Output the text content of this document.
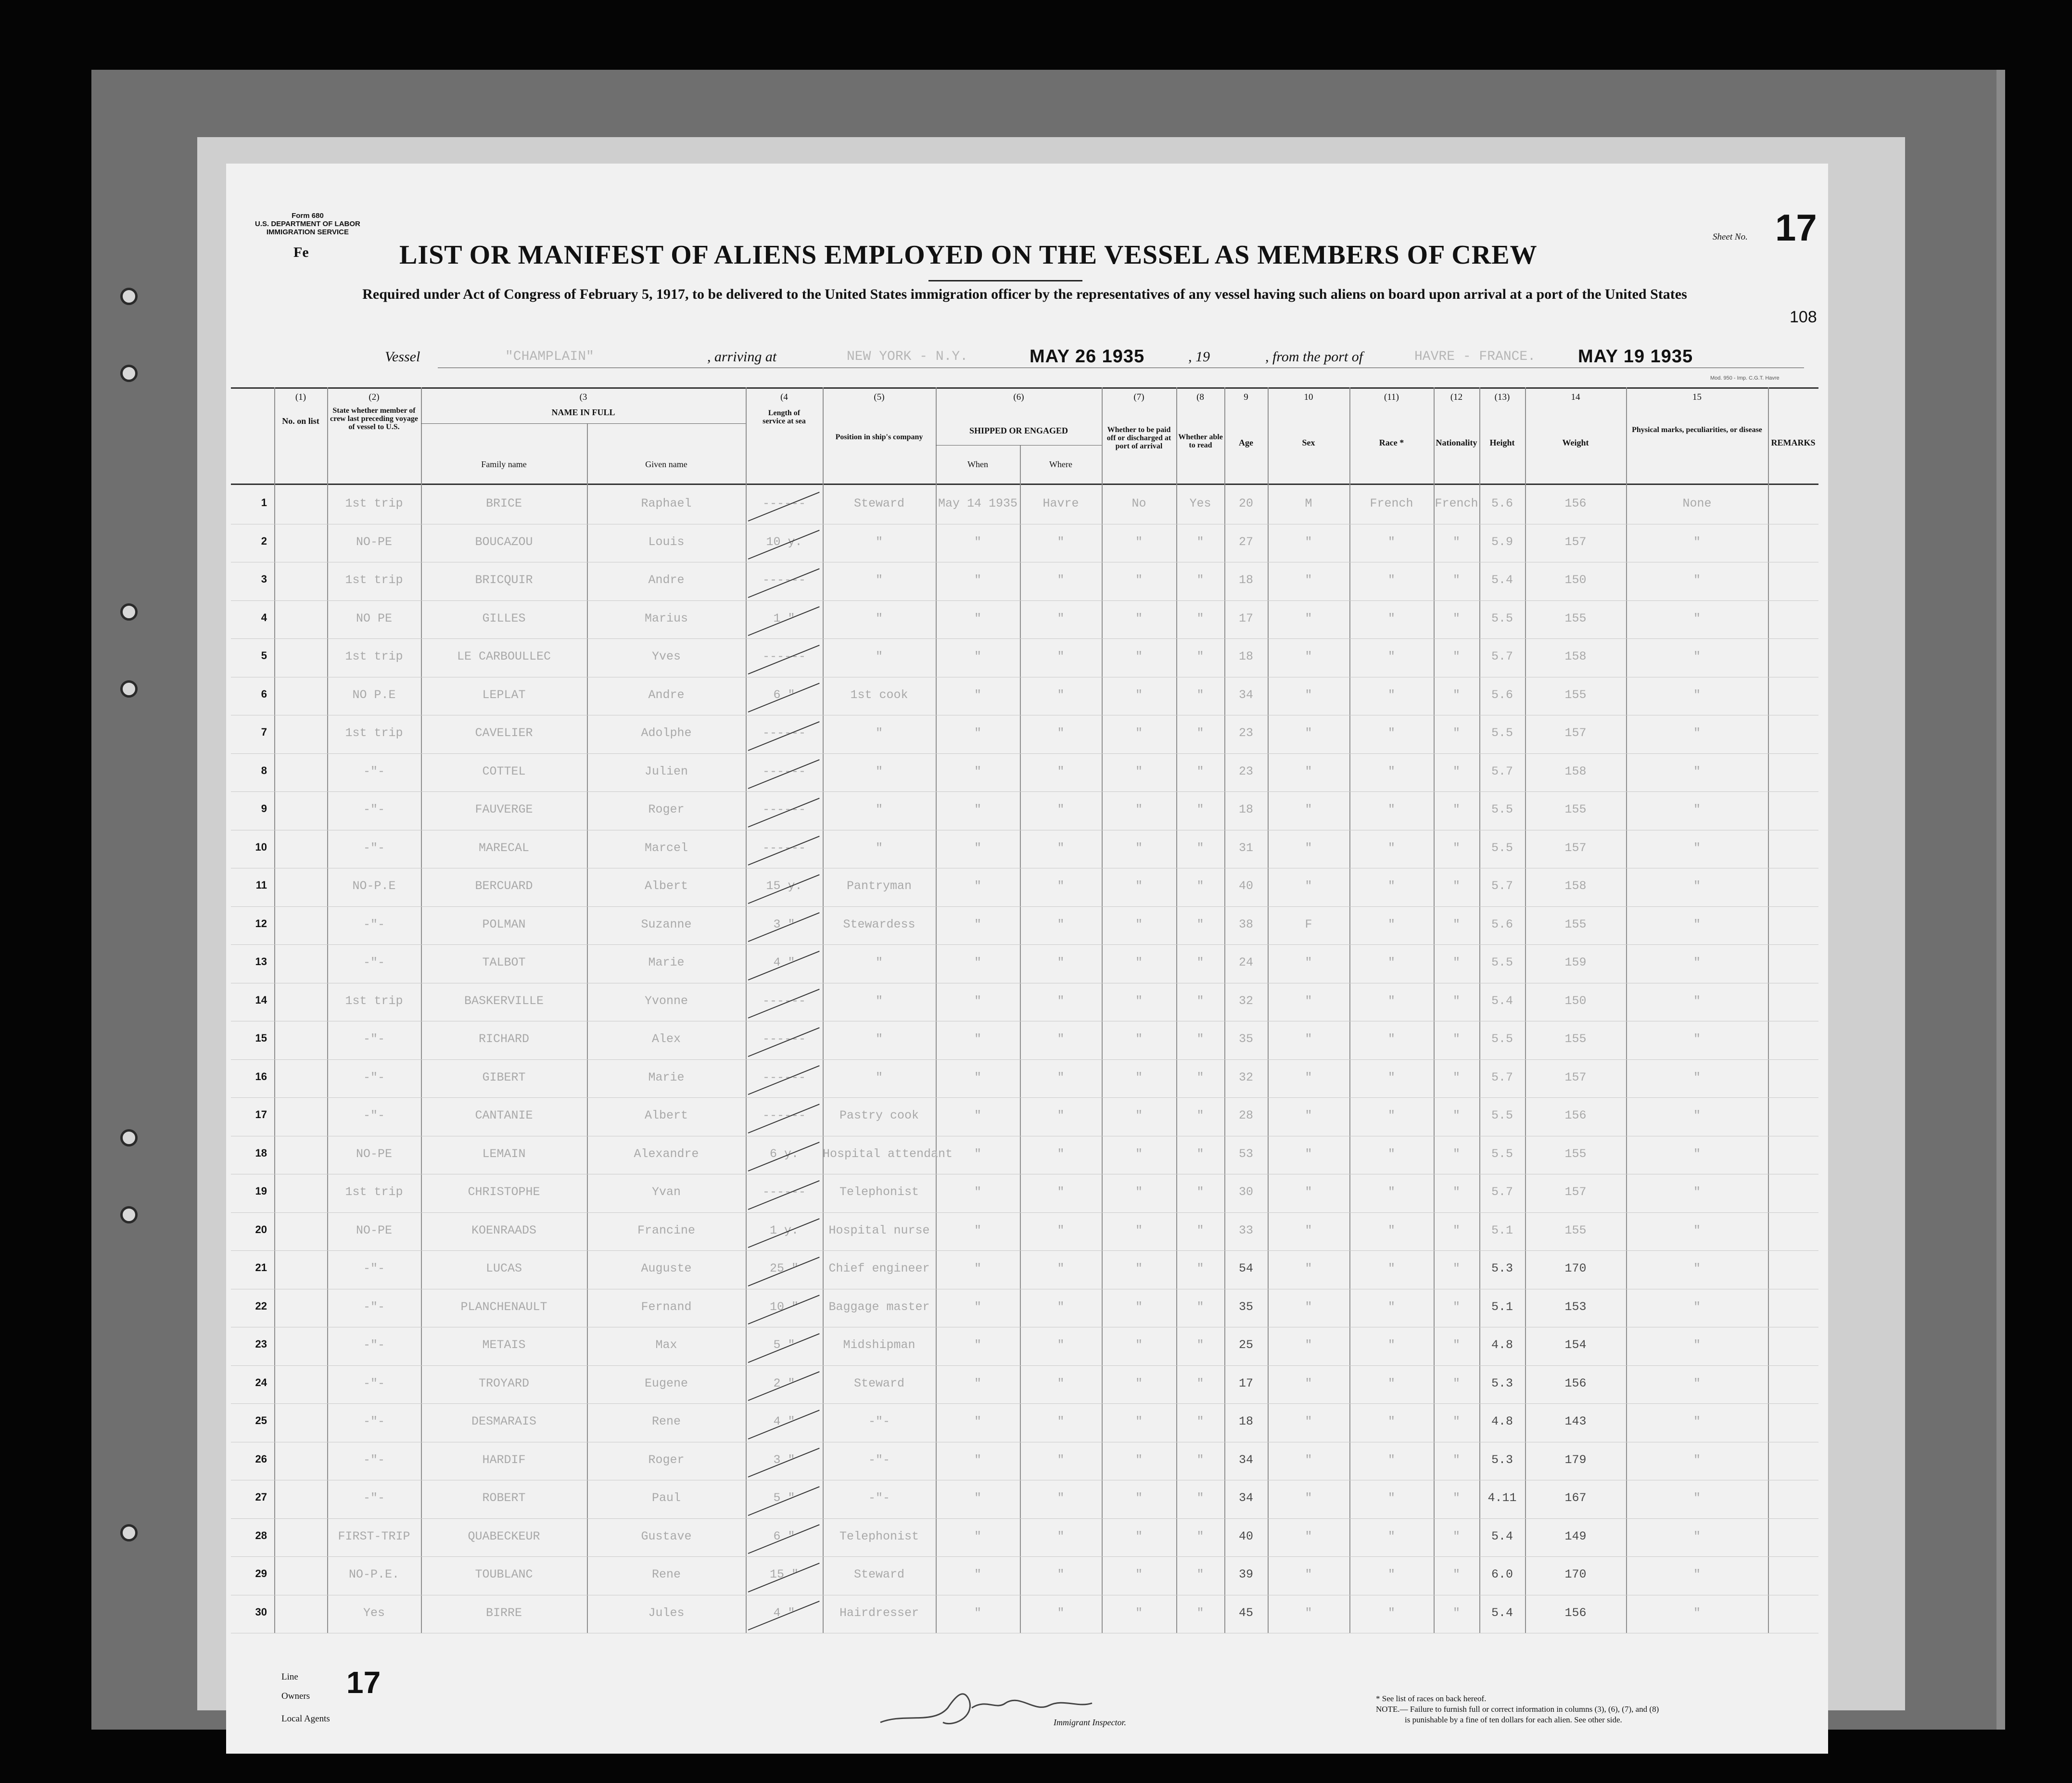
Form 680
U.S. DEPARTMENT OF LABOR
IMMIGRATION SERVICE
Fe
Sheet No. 17
LIST OR MANIFEST OF ALIENS EMPLOYED ON THE VESSEL AS MEMBERS OF CREW
Required under Act of Congress of February 5, 1917, to be delivered to the United States immigration officer by the representatives of any vessel having such aliens on board upon arrival at a port of the United States
108
Vessel	"CHAMPLAIN"	, arriving at	NEW YORK - N.Y.	MAY 26 1935	, 19	, from the port of	HAVRE - FRANCE. MAY 19 1935
Mod. 950 - Imp. C.G.T. Havre
(1)	(2)	(3	(4	(5)	(6)	(7)	(8	9	10	(11)	(12	(13)	14	15
No. on list
State whether member of crew last preceding voyage of vessel to U.S.
NAME IN FULL
Family name	Given name
Length of service at sea
Position in ship's company
SHIPPED OR ENGAGED
When	Where
Whether to be paid off or discharged at port of arrival
Whether able to read	Age	Sex	Race *	Nationality	Height	Weight
Physical marks, peculiarities, or disease
REMARKS
1	1st trip	BRICE	Raphael	------	Steward	May 14 1935	Havre	No	Yes	20	M	French	French	5.6	156	None
2	NO-PE	BOUCAZOU	Louis	10 y.	"	"	"	"	"	27	"	"	"	5.9	157	"
3	1st trip	BRICQUIR	Andre	------	"	"	"	"	"	18	"	"	"	5.4	150	"
4	NO PE	GILLES	Marius	1 "	"	"	"	"	"	17	"	"	"	5.5	155	"
5	1st trip	LE CARBOULLEC	Yves	------	"	"	"	"	"	18	"	"	"	5.7	158	"
6	NO P.E	LEPLAT	Andre	6 "	1st cook	"	"	"	"	34	"	"	"	5.6	155	"
7	1st trip	CAVELIER	Adolphe	------	"	"	"	"	"	23	"	"	"	5.5	157	"
8	-"-	COTTEL	Julien	------	"	"	"	"	"	23	"	"	"	5.7	158	"
9	-"-	FAUVERGE	Roger	------	"	"	"	"	"	18	"	"	"	5.5	155	"
10	-"-	MARECAL	Marcel	------	"	"	"	"	"	31	"	"	"	5.5	157	"
11	NO-P.E	BERCUARD	Albert	15 y.	Pantryman	"	"	"	"	40	"	"	"	5.7	158	"
12	-"-	POLMAN	Suzanne	3 "	Stewardess	"	"	"	"	38	F	"	"	5.6	155	"
13	-"-	TALBOT	Marie	4 "	"	"	"	"	"	24	"	"	"	5.5	159	"
14	1st trip	BASKERVILLE	Yvonne	------	"	"	"	"	"	32	"	"	"	5.4	150	"
15	-"-	RICHARD	Alex	------	"	"	"	"	"	35	"	"	"	5.5	155	"
16	-"-	GIBERT	Marie	------	"	"	"	"	"	32	"	"	"	5.7	157	"
17	-"-	CANTANIE	Albert	------	Pastry cook	"	"	"	"	28	"	"	"	5.5	156	"
18	NO-PE	LEMAIN	Alexandre	6 y.	Hospital attendant	"	"	"	"	53	"	"	"	5.5	155	"
19	1st trip	CHRISTOPHE	Yvan	------	Telephonist	"	"	"	"	30	"	"	"	5.7	157	"
20	NO-PE	KOENRAADS	Francine	1 y.	Hospital nurse	"	"	"	"	33	"	"	"	5.1	155	"
21	-"-	LUCAS	Auguste	25 "	Chief engineer	"	"	"	"	54	"	"	"	5.3	170	"
22	-"-	PLANCHENAULT	Fernand	10 "	Baggage master	"	"	"	"	35	"	"	"	5.1	153	"
23	-"-	METAIS	Max	5 "	Midshipman	"	"	"	"	25	"	"	"	4.8	154	"
24	-"-	TROYARD	Eugene	2 "	Steward	"	"	"	"	17	"	"	"	5.3	156	"
25	-"-	DESMARAIS	Rene	4 "	-"-	"	"	"	"	18	"	"	"	4.8	143	"
26	-"-	HARDIF	Roger	3 "	-"-	"	"	"	"	34	"	"	"	5.3	179	"
27	-"-	ROBERT	Paul	5 "	-"-	"	"	"	"	34	"	"	"	4.11	167	"
28	FIRST-TRIP	QUABECKEUR	Gustave	6 "	Telephonist	"	"	"	"	40	"	"	"	5.4	149	"
29	NO-P.E.	TOUBLANC	Rene	15 "	Steward	"	"	"	"	39	"	"	"	6.0	170	"
30	Yes	BIRRE	Jules	4 "	Hairdresser	"	"	"	"	45	"	"	"	5.4	156	"
Line
Owners
Local Agents
17
Immigrant Inspector.
* See list of races on back hereof.
NOTE.— Failure to furnish full or correct information in columns (3), (6), (7), and (8)
is punishable by a fine of ten dollars for each alien. See other side.
